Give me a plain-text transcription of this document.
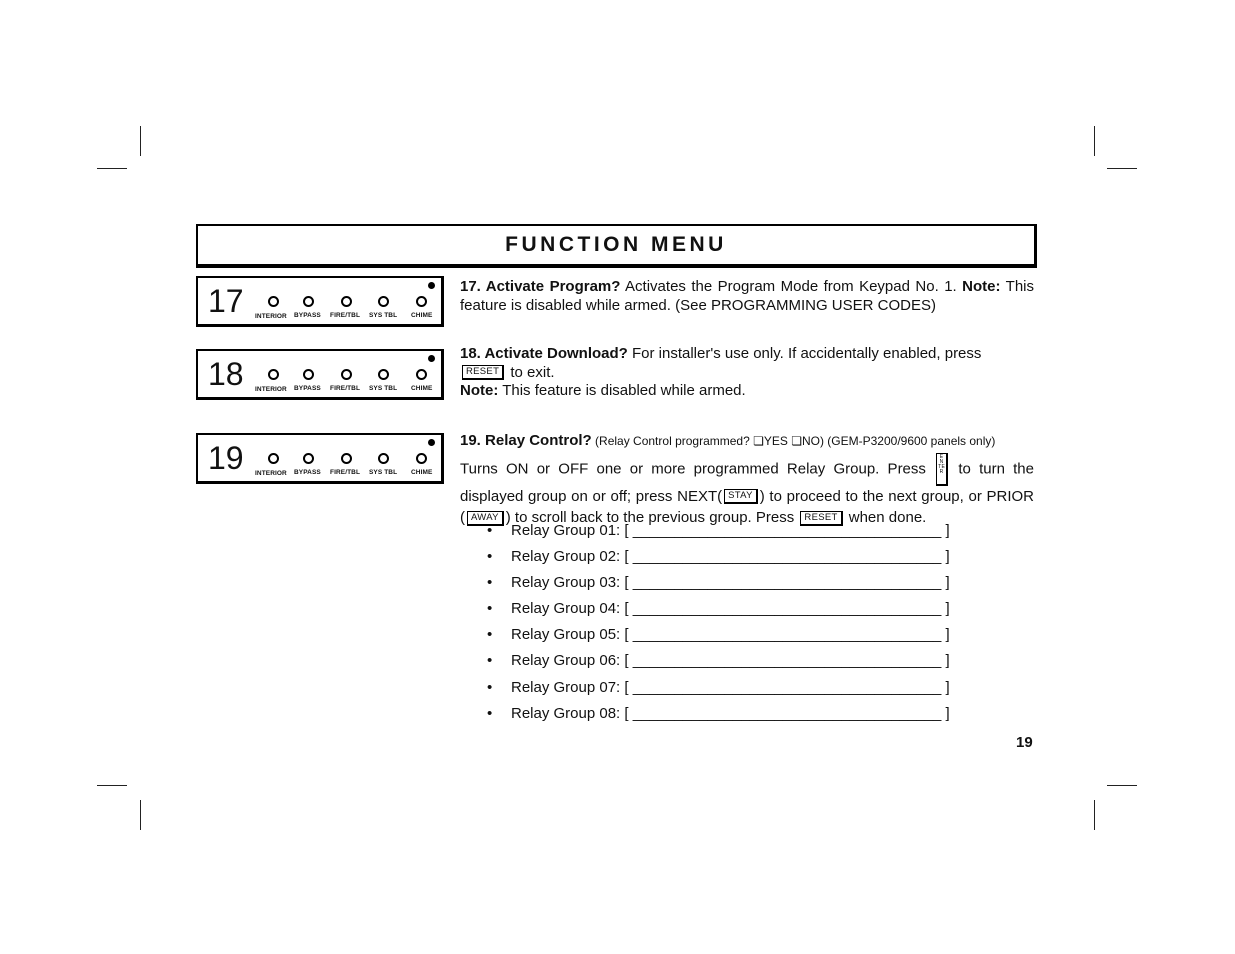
FUNCTION MENU
17 INTERIOR BYPASS FIRE/TBL SYS TBL CHIME
18 INTERIOR BYPASS FIRE/TBL SYS TBL CHIME
19 INTERIOR BYPASS FIRE/TBL SYS TBL CHIME
17. Activate Program? Activates the Program Mode from Keypad No. 1. Note: This feature is disabled while armed. (See PROGRAMMING USER CODES)
18. Activate Download? For installer's use only. If accidentally enabled, press
RESET to exit.
Note: This feature is disabled while armed.
19. Relay Control? (Relay Control programmed? ❏YES ❏NO) (GEM-P3200/9600 panels only)
Turns ON or OFF one or more programmed Relay Group. Press ENTER to turn the displayed group on or off; press NEXT( STAY ) to proceed to the next group, or PRIOR ( AWAY ) to scroll back to the previous group. Press RESET when done.
• Relay Group 01: [ _____________________________________ ]
• Relay Group 02: [ _____________________________________ ]
• Relay Group 03: [ _____________________________________ ]
• Relay Group 04: [ _____________________________________ ]
• Relay Group 05: [ _____________________________________ ]
• Relay Group 06: [ _____________________________________ ]
• Relay Group 07: [ _____________________________________ ]
• Relay Group 08: [ _____________________________________ ]
19
